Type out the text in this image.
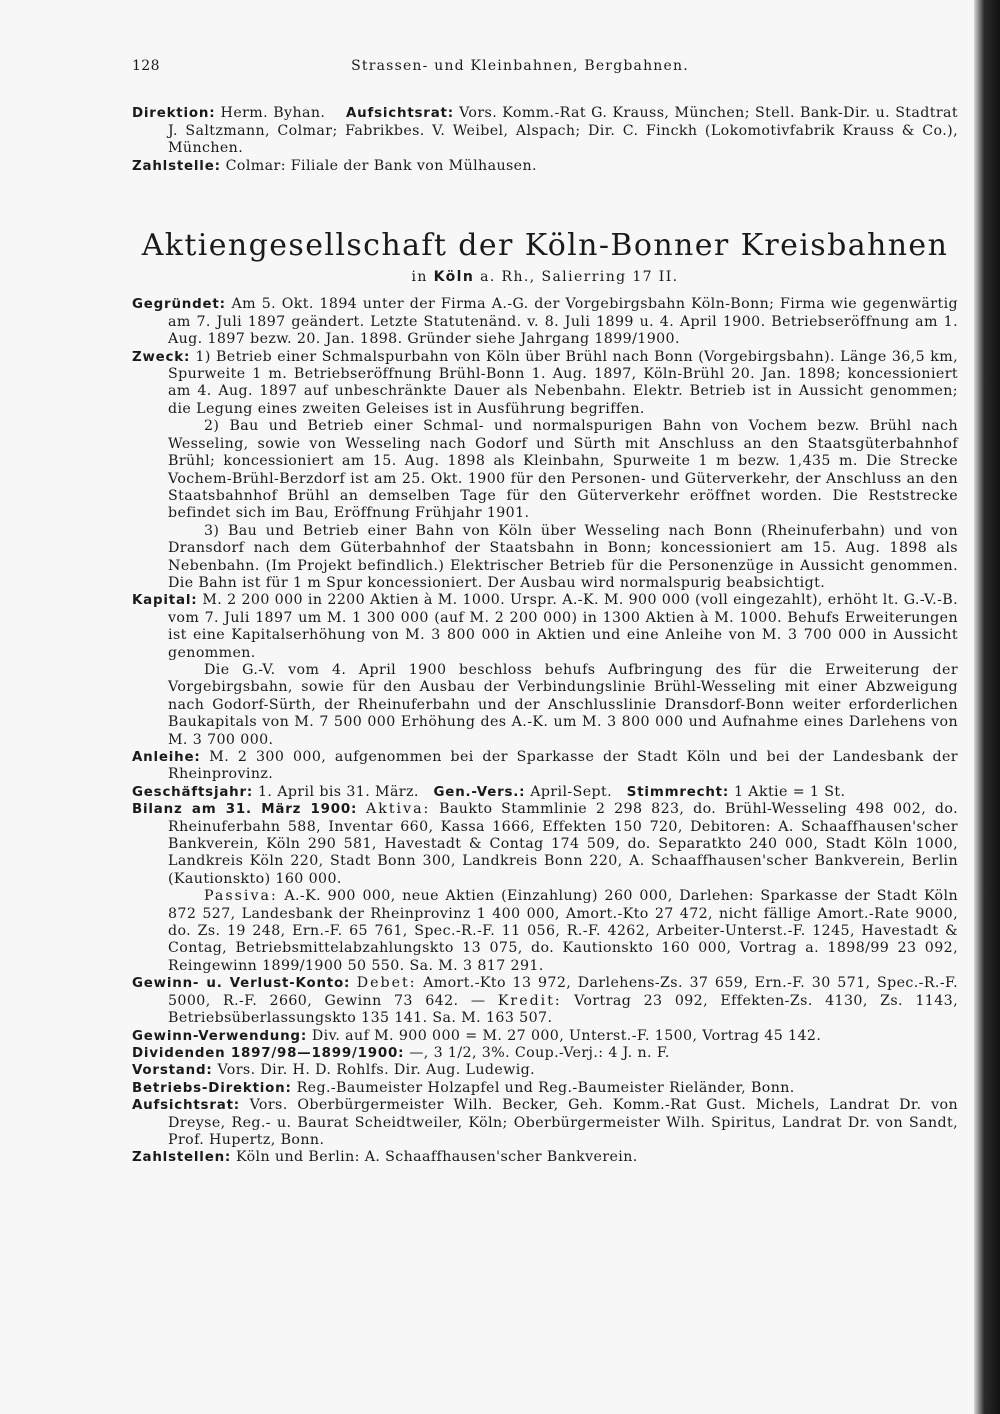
128	Strassen- und Kleinbahnen, Bergbahnen.

Direktion: Herm. Byhan. Aufsichtsrat: Vors. Komm.-Rat G. Krauss, München; Stell. Bank-Dir. u. Stadtrat J. Saltzmann, Colmar; Fabrikbes. V. Weibel, Alspach; Dir. C. Finckh (Lokomotivfabrik Krauss & Co.), München.

Zahlstelle: Colmar: Filiale der Bank von Mülhausen.

Aktiengesellschaft der Köln-Bonner Kreisbahnen
in Köln a. Rh., Salierring 17 II.

Gegründet: Am 5. Okt. 1894 unter der Firma A.-G. der Vorgebirgsbahn Köln-Bonn; Firma wie gegenwärtig am 7. Juli 1897 geändert. Letzte Statutenänd. v. 8. Juli 1899 u. 4. April 1900. Betriebseröffnung am 1. Aug. 1897 bezw. 20. Jan. 1898. Gründer siehe Jahrgang 1899/1900.

Zweck: 1) Betrieb einer Schmalspurbahn von Köln über Brühl nach Bonn (Vorgebirgsbahn). Länge 36,5 km, Spurweite 1 m. Betriebseröffnung Brühl-Bonn 1. Aug. 1897, Köln-Brühl 20. Jan. 1898; koncessioniert am 4. Aug. 1897 auf unbeschränkte Dauer als Nebenbahn. Elektr. Betrieb ist in Aussicht genommen; die Legung eines zweiten Geleises ist in Ausführung begriffen.

2) Bau und Betrieb einer Schmal- und normalspurigen Bahn von Vochem bezw. Brühl nach Wesseling, sowie von Wesseling nach Godorf und Sürth mit Anschluss an den Staatsgüterbahnhof Brühl; koncessioniert am 15. Aug. 1898 als Kleinbahn, Spurweite 1 m bezw. 1,435 m. Die Strecke Vochem-Brühl-Berzdorf ist am 25. Okt. 1900 für den Personen- und Güterverkehr, der Anschluss an den Staatsbahnhof Brühl an demselben Tage für den Güterverkehr eröffnet worden. Die Reststrecke befindet sich im Bau, Eröffnung Frühjahr 1901.

3) Bau und Betrieb einer Bahn von Köln über Wesseling nach Bonn (Rheinuferbahn) und von Dransdorf nach dem Güterbahnhof der Staatsbahn in Bonn; koncessioniert am 15. Aug. 1898 als Nebenbahn. (Im Projekt befindlich.) Elektrischer Betrieb für die Personenzüge in Aussicht genommen. Die Bahn ist für 1 m Spur koncessioniert. Der Ausbau wird normalspurig beabsichtigt.

Kapital: M. 2 200 000 in 2200 Aktien à M. 1000. Urspr. A.-K. M. 900 000 (voll eingezahlt), erhöht lt. G.-V.-B. vom 7. Juli 1897 um M. 1 300 000 (auf M. 2 200 000) in 1300 Aktien à M. 1000. Behufs Erweiterungen ist eine Kapitalserhöhung von M. 3 800 000 in Aktien und eine Anleihe von M. 3 700 000 in Aussicht genommen.

Die G.-V. vom 4. April 1900 beschloss behufs Aufbringung des für die Erweiterung der Vorgebirgsbahn, sowie für den Ausbau der Verbindungslinie Brühl-Wesseling mit einer Abzweigung nach Godorf-Sürth, der Rheinuferbahn und der Anschlusslinie Dransdorf-Bonn weiter erforderlichen Baukapitals von M. 7 500 000 Erhöhung des A.-K. um M. 3 800 000 und Aufnahme eines Darlehens von M. 3 700 000.

Anleihe: M. 2 300 000, aufgenommen bei der Sparkasse der Stadt Köln und bei der Landesbank der Rheinprovinz.

Geschäftsjahr: 1. April bis 31. März. Gen.-Vers.: April-Sept. Stimmrecht: 1 Aktie = 1 St.

Bilanz am 31. März 1900: Aktiva: Baukto Stammlinie 2 298 823, do. Brühl-Wesseling 498 002, do. Rheinuferbahn 588, Inventar 660, Kassa 1666, Effekten 150 720, Debitoren: A. Schaaffhausen'scher Bankverein, Köln 290 581, Havestadt & Contag 174 509, do. Separatkto 240 000, Stadt Köln 1000, Landkreis Köln 220, Stadt Bonn 300, Landkreis Bonn 220, A. Schaaffhausen'scher Bankverein, Berlin (Kautionskto) 160 000.

Passiva: A.-K. 900 000, neue Aktien (Einzahlung) 260 000, Darlehen: Sparkasse der Stadt Köln 872 527, Landesbank der Rheinprovinz 1 400 000, Amort.-Kto 27 472, nicht fällige Amort.-Rate 9000, do. Zs. 19 248, Ern.-F. 65 761, Spec.-R.-F. 11 056, R.-F. 4262, Arbeiter-Unterst.-F. 1245, Havestadt & Contag, Betriebsmittelabzahlungskto 13 075, do. Kautionskto 160 000, Vortrag a. 1898/99 23 092, Reingewinn 1899/1900 50 550. Sa. M. 3 817 291.

Gewinn- u. Verlust-Konto: Debet: Amort.-Kto 13 972, Darlehens-Zs. 37 659, Ern.-F. 30 571, Spec.-R.-F. 5000, R.-F. 2660, Gewinn 73 642. — Kredit: Vortrag 23 092, Effekten-Zs. 4130, Zs. 1143, Betriebsüberlassungskto 135 141. Sa. M. 163 507.

Gewinn-Verwendung: Div. auf M. 900 000 = M. 27 000, Unterst.-F. 1500, Vortrag 45 142.

Dividenden 1897/98—1899/1900: —, 3 1/2, 3%. Coup.-Verj.: 4 J. n. F.

Vorstand: Vors. Dir. H. D. Rohlfs. Dir. Aug. Ludewig.

Betriebs-Direktion: Reg.-Baumeister Holzapfel und Reg.-Baumeister Rieländer, Bonn.

Aufsichtsrat: Vors. Oberbürgermeister Wilh. Becker, Geh. Komm.-Rat Gust. Michels, Landrat Dr. von Dreyse, Reg.- u. Baurat Scheidtweiler, Köln; Oberbürgermeister Wilh. Spiritus, Landrat Dr. von Sandt, Prof. Hupertz, Bonn.

Zahlstellen: Köln und Berlin: A. Schaaffhausen'scher Bankverein.
